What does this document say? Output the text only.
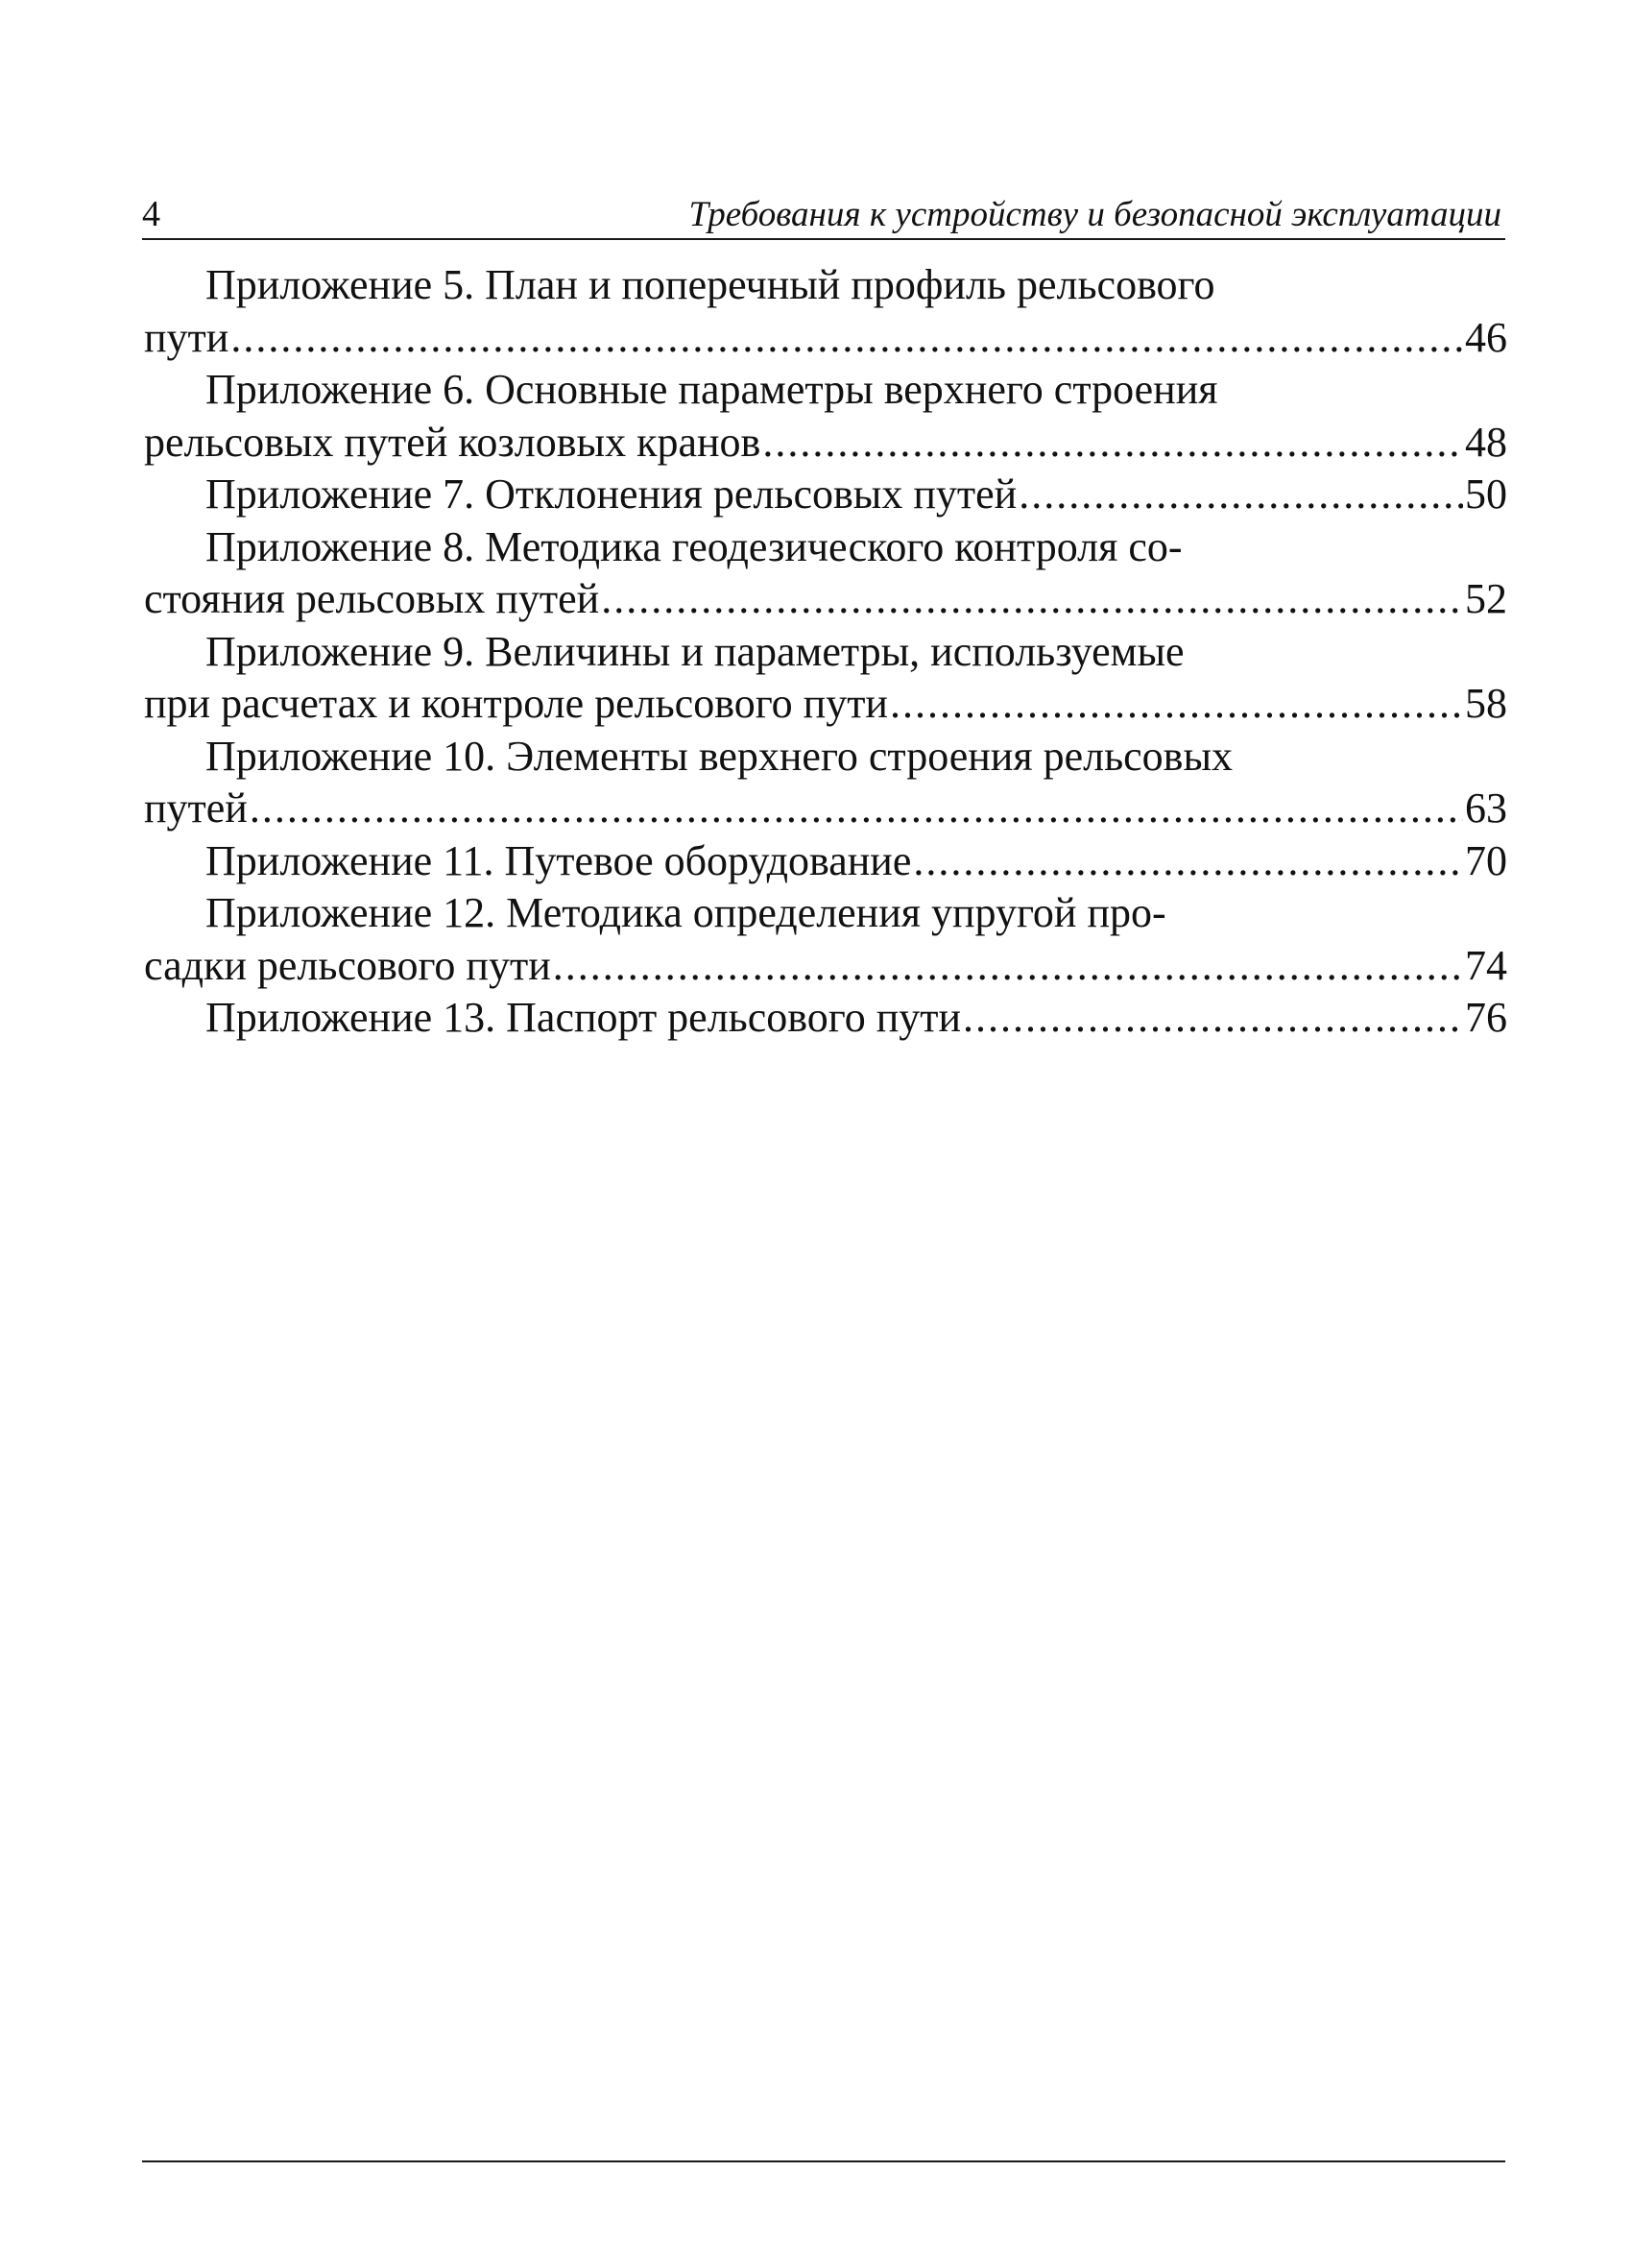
4	Требования к устройству и безопасной эксплуатации
Приложение 5. План и поперечный профиль рельсового
пути .....	46
Приложение 6. Основные параметры верхнего строения
рельсовых путей козловых кранов .....	48
Приложение 7. Отклонения рельсовых путей .....	50
Приложение 8. Методика геодезического контроля со-
стояния рельсовых путей .....	52
Приложение 9. Величины и параметры, используемые
при расчетах и контроле рельсового пути .....	58
Приложение 10. Элементы верхнего строения рельсовых
путей .....	63
Приложение 11. Путевое оборудование .....	70
Приложение 12. Методика определения упругой про-
садки рельсового пути .....	74
Приложение 13. Паспорт рельсового пути .....	76
